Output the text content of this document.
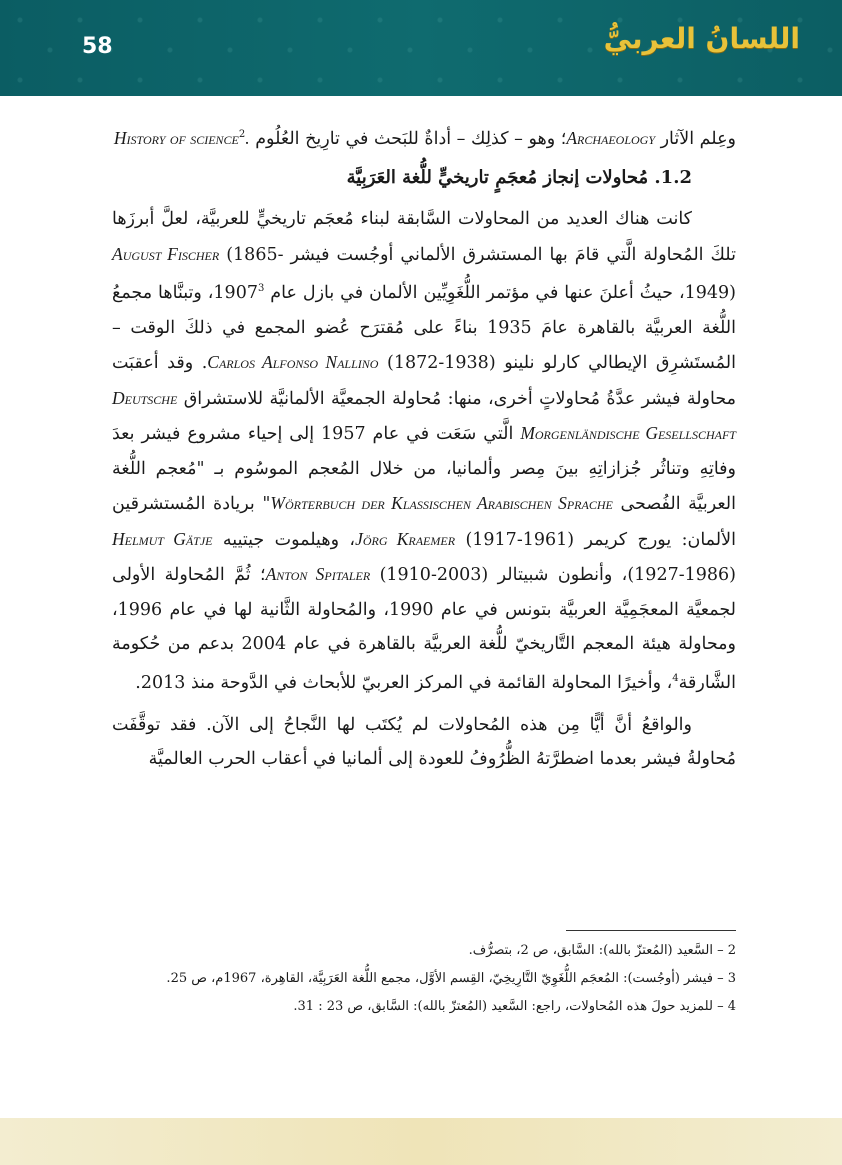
58	اللسانُ العربيُّ

وعِلم الآثار Archaeology؛ وهو – كذلِك – أداةٌ للبَحث في تارِيخ العُلُوم .History of science$^2$

1.2. مُحاولات إنجاز مُعجَمٍ تاريخيٍّ للُّغة العَرَبِيَّة

كانت هناك العديد من المحاولات السَّابقة لبناء مُعجَم تاريخيٍّ للعربيَّة، لعلَّ أبرزَها تلكَ المُحاولة الَّتي قامَ بها المستشرق الألماني أوجُست فيشر August Fischer (1865-1949)، حيثُ أعلنَ عنها في مؤتمر اللُّغَوِيِّين الألمان في بازل عام 1907$^3$، وتبنَّاها مجمعُ اللُّغة العربيَّة بالقاهرة عامَ 1935 بناءً على مُقترَح عُضو المجمع في ذلكَ الوقت – المُستَشرِق الإيطالي كارلو نلينو Carlos Alfonso Nallino (1872-1938). وقد أعقبَت محاولة فيشر عدَّةُ مُحاولاتٍ أخرى، منها: مُحاولة الجمعيَّة الألمانيَّة للاستشراق Deutsche Morgenländische Gesellschaft الَّتي سَعَت في عام 1957 إلى إحياء مشروع فيشر بعدَ وفاتِهِ وتناثُر جُزازاتِهِ بينَ مِصر وألمانيا، من خلال المُعجم الموسُوم بـ "مُعجم اللُّغة العربيَّة الفُصحى Wörterbuch der Klassischen Arabischen Sprache" بريادة المُستشرقين الألمان: يورج كريمر Jörg Kraemer (1917-1961)، وهيلموت جيتييه Helmut Gätje (1927-1986)، وأنطون شبيتالر Anton Spitaler (1910-2003)؛ ثُمَّ المُحاولة الأولى لجمعيَّة المعجَمِيَّة العربيَّة بتونس في عام 1990، والمُحاولة الثَّانية لها في عام 1996، ومحاولة هيئة المعجم التَّاريخيّ للُّغة العربيَّة بالقاهرة في عام 2004 بدعم من حُكومة الشَّارقة$^4$، وأخيرًا المحاولة القائمة في المركز العربيّ للأبحاث في الدَّوحة منذ 2013.

والواقعُ أنَّ أيًّا مِن هذه المُحاولات لم يُكتَب لها النَّجاحُ إلى الآن. فقد توقَّفَت مُحاولةُ فيشر بعدما اضطرَّتهُ الظُّرُوفُ للعودة إلى ألمانيا في أعقاب الحرب العالميَّة

2 – السَّعيد (المُعتزّ بالله): السَّابق، ص 2، بتصرُّف.

3 – فيشر (أوجُست): المُعجَم اللُّغَوِيّ التَّارِيخِيّ، القِسم الأوَّل، مجمع اللُّغة العَرَبِيَّة، القاهِرة، 1967م، ص 25.

4 – للمزيد حولَ هذه المُحاولات، راجع: السَّعيد (المُعتزّ بالله): السَّابق، ص 23 : 31.
